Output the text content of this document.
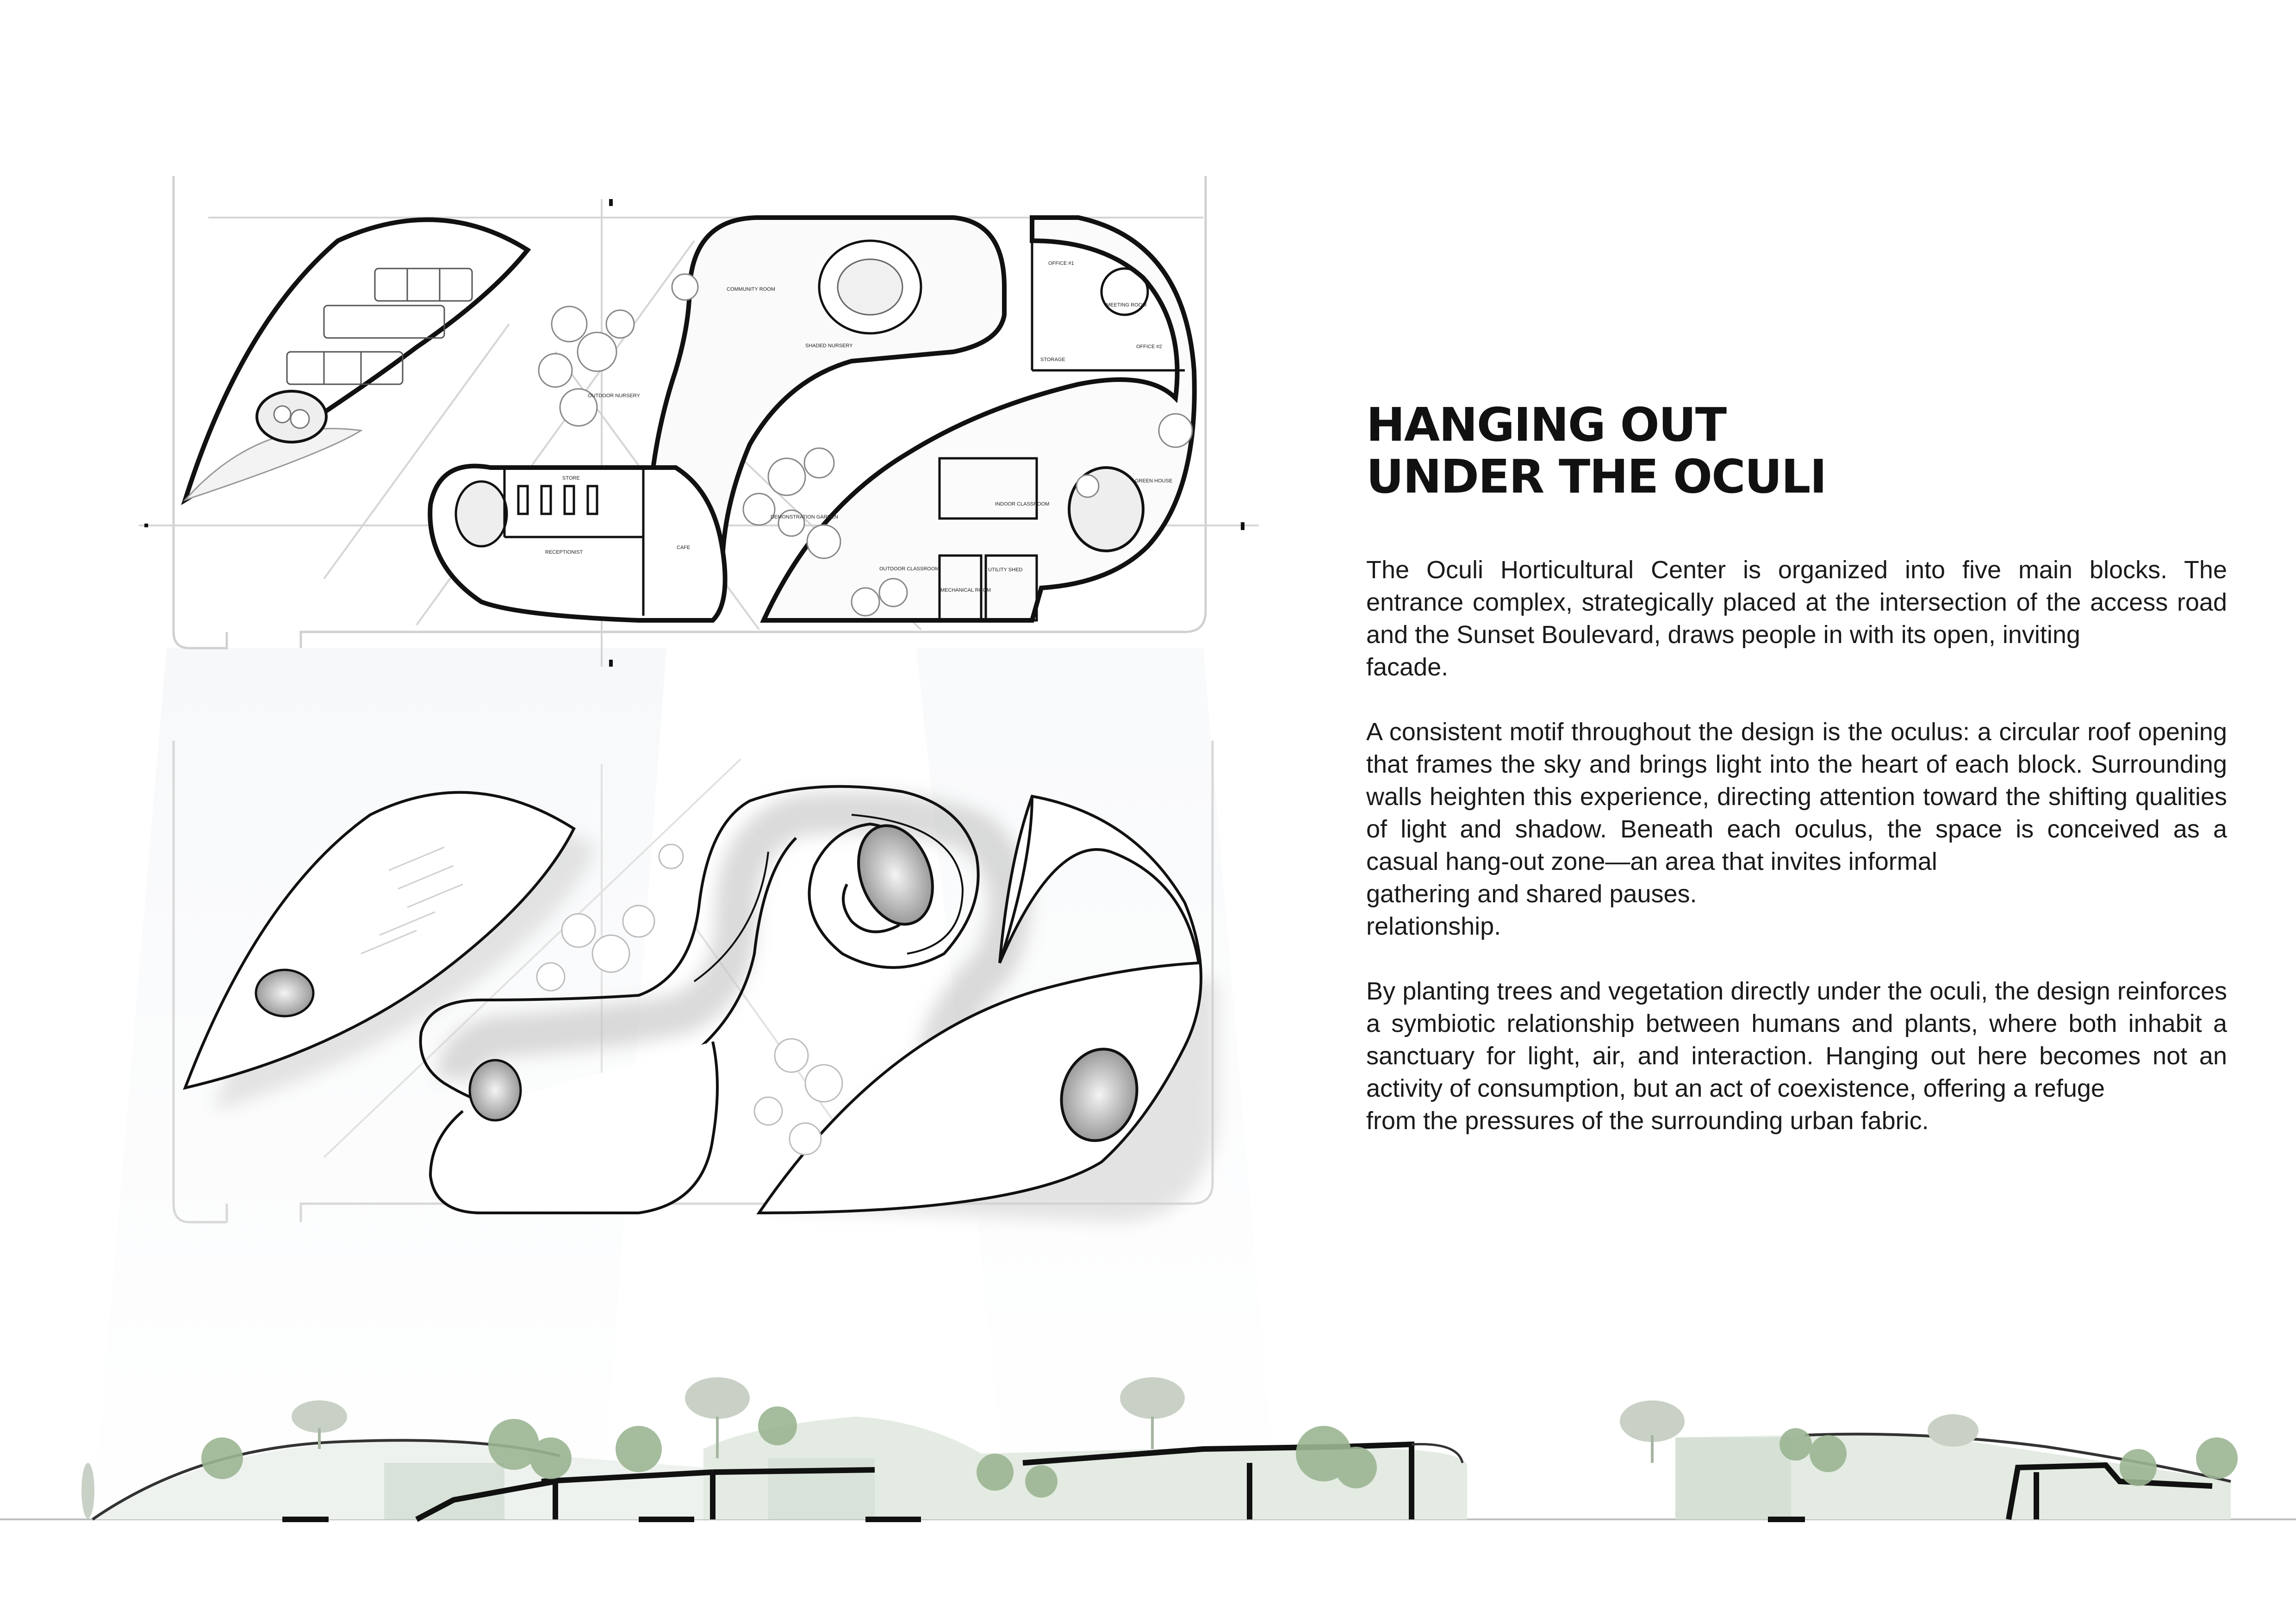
COMMUNITY ROOM
SHADED NURSERY
OFFICE #1
MEETING ROOM
OFFICE #2
STORAGE
OUTDOOR NURSERY
STORE
RECEPTIONIST
CAFE
DEMONSTRATION GARDEN
INDOOR CLASSROOM
GREEN HOUSE
OUTDOOR CLASSROOM
MECHANICAL ROOM
UTILITY SHED
HANGING OUT
UNDER THE OCULI

The Oculi Horticultural Center is organized into five main blocks. The entrance complex, strategically placed at the intersection of the access road and the Sunset Boulevard, draws people in with its open, inviting
facade.

A consistent motif throughout the design is the oculus: a circular roof opening that frames the sky and brings light into the heart of each block. Surrounding walls heighten this experience, directing attention toward the shifting qualities of light and shadow. Beneath each oculus, the space is conceived as a casual hang-out zone—an area that invites informal
gathering and shared pauses.
relationship.

By planting trees and vegetation directly under the oculi, the design reinforces a symbiotic relationship between humans and plants, where both inhabit a sanctuary for light, air, and interaction. Hanging out here becomes not an activity of consumption, but an act of coexistence, offering a refuge
from the pressures of the surrounding urban fabric.
